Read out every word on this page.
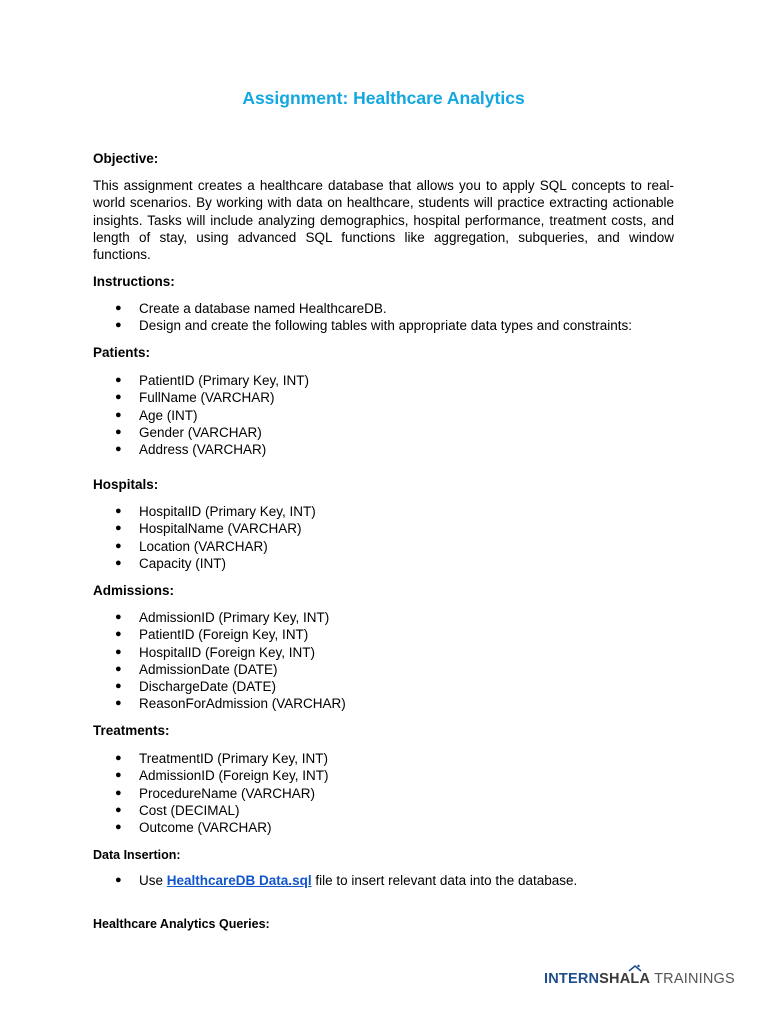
Assignment: Healthcare Analytics
Objective:

This assignment creates a healthcare database that allows you to apply SQL concepts to real-world scenarios. By working with data on healthcare, students will practice extracting actionable insights. Tasks will include analyzing demographics, hospital performance, treatment costs, and length of stay, using advanced SQL functions like aggregation, subqueries, and window functions.

Instructions:
● Create a database named HealthcareDB.
● Design and create the following tables with appropriate data types and constraints:
Patients:
● PatientID (Primary Key, INT)
● FullName (VARCHAR)
● Age (INT)
● Gender (VARCHAR)
● Address (VARCHAR)
Hospitals:
● HospitalID (Primary Key, INT)
● HospitalName (VARCHAR)
● Location (VARCHAR)
● Capacity (INT)
Admissions:
● AdmissionID (Primary Key, INT)
● PatientID (Foreign Key, INT)
● HospitalID (Foreign Key, INT)
● AdmissionDate (DATE)
● DischargeDate (DATE)
● ReasonForAdmission (VARCHAR)
Treatments:
● TreatmentID (Primary Key, INT)
● AdmissionID (Foreign Key, INT)
● ProcedureName (VARCHAR)
● Cost (DECIMAL)
● Outcome (VARCHAR)
Data Insertion:
● Use HealthcareDB Data.sql file to insert relevant data into the database.
Healthcare Analytics Queries:
INTERNSHALA TRAININGS
